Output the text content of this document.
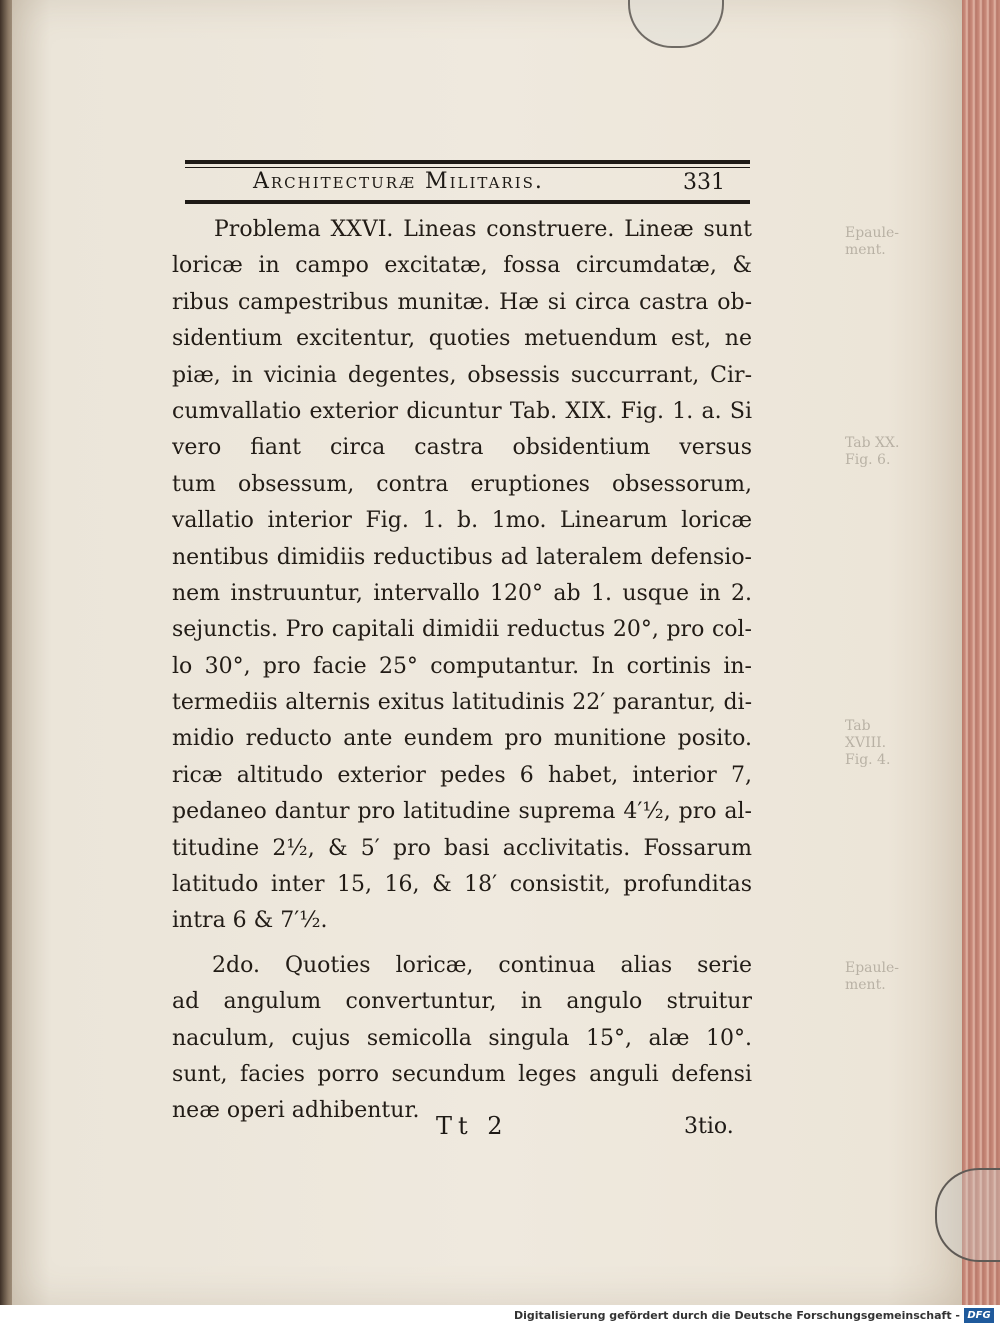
Epaule-
ment.
Tab XX.
Fig. 6.
Tab
XVIII.
Fig. 4.
Epaule-
ment.
Architecturæ Militaris.	331
Problema XXVI. Lineas construere. Lineæ sunt
loricæ in campo excitatæ, fossa circumdatæ, &
ribus campestribus munitæ. Hæ si circa castra ob-
sidentium excitentur, quoties metuendum est, ne
piæ, in vicinia degentes, obsessis succurrant, Cir-
cumvallatio exterior dicuntur Tab. XIX. Fig. 1. a. Si
vero fiant circa castra obsidentium versus
tum obsessum, contra eruptiones obsessorum,
vallatio interior Fig. 1. b. 1mo. Linearum loricæ
nentibus dimidiis reductibus ad lateralem defensio-
nem instruuntur, intervallo 120° ab 1. usque in 2.
sejunctis. Pro capitali dimidii reductus 20°, pro col-
lo 30°, pro facie 25° computantur. In cortinis in-
termediis alternis exitus latitudinis 22′ parantur, di-
midio reducto ante eundem pro munitione posito.
ricæ altitudo exterior pedes 6 habet, interior 7,
pedaneo dantur pro latitudine suprema 4′½, pro al-
titudine 2½, & 5′ pro basi acclivitatis. Fossarum
latitudo inter 15, 16, & 18′ consistit, profunditas
intra 6 & 7′½.
2do. Quoties loricæ, continua alias serie
ad angulum convertuntur, in angulo struitur
naculum, cujus semicolla singula 15°, alæ 10°.
sunt, facies porro secundum leges anguli defensi
neæ operi adhibentur.
Tt 2	3tio.
Digitalisierung gefördert durch die Deutsche Forschungsgemeinschaft - DFG
